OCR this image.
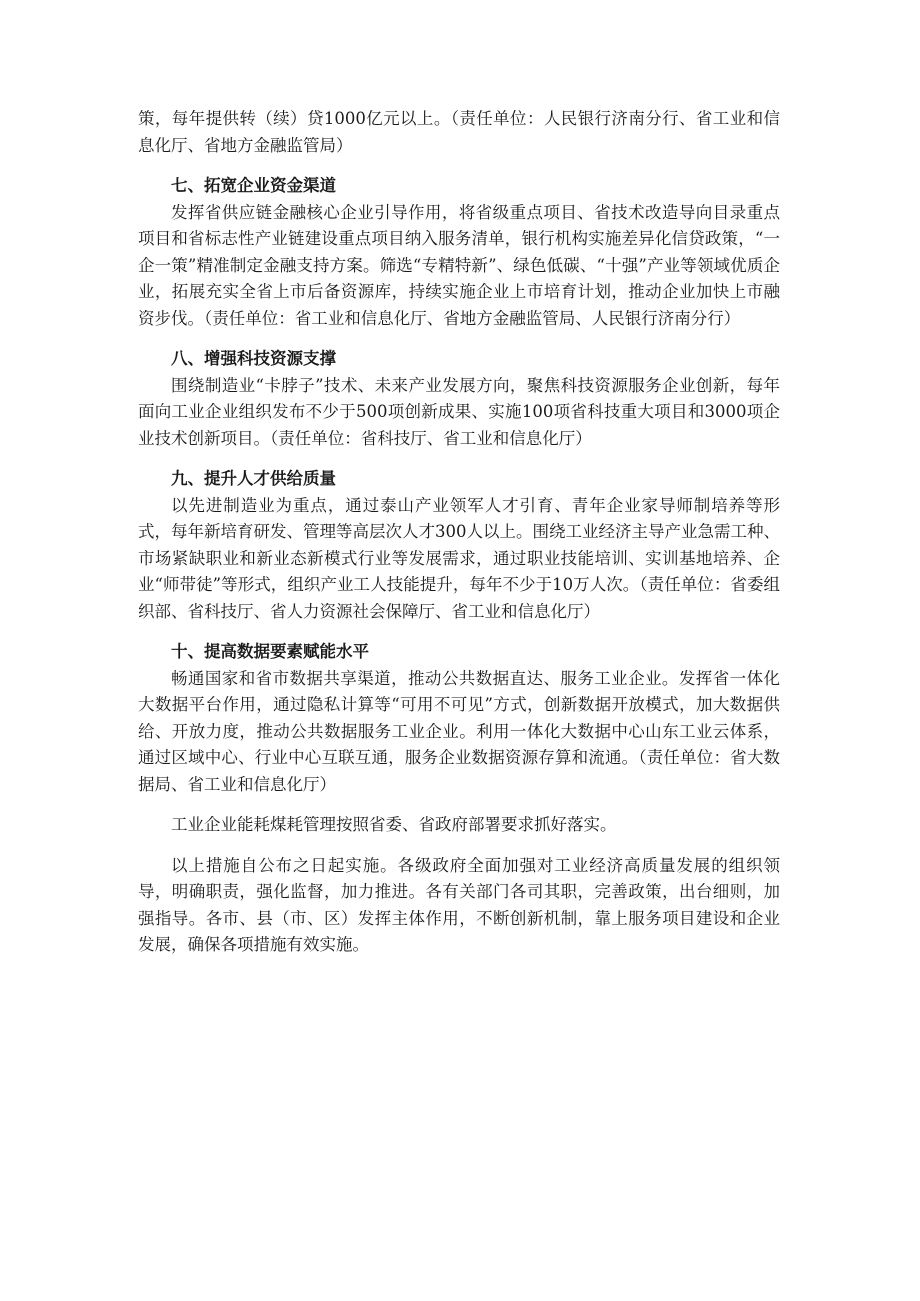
策，每年提供转（续）贷1000亿元以上。（责任单位：人民银行济南分行、省工业和信息化厅、省地方金融监管局）

七、拓宽企业资金渠道

发挥省供应链金融核心企业引导作用，将省级重点项目、省技术改造导向目录重点项目和省标志性产业链建设重点项目纳入服务清单，银行机构实施差异化信贷政策，“一企一策”精准制定金融支持方案。筛选“专精特新”、绿色低碳、“十强”产业等领域优质企业，拓展充实全省上市后备资源库，持续实施企业上市培育计划，推动企业加快上市融资步伐。（责任单位：省工业和信息化厅、省地方金融监管局、人民银行济南分行）

八、增强科技资源支撑

围绕制造业“卡脖子”技术、未来产业发展方向，聚焦科技资源服务企业创新，每年面向工业企业组织发布不少于500项创新成果、实施100项省科技重大项目和3000项企业技术创新项目。（责任单位：省科技厅、省工业和信息化厅）

九、提升人才供给质量

以先进制造业为重点，通过泰山产业领军人才引育、青年企业家导师制培养等形式，每年新培育研发、管理等高层次人才300人以上。围绕工业经济主导产业急需工种、市场紧缺职业和新业态新模式行业等发展需求，通过职业技能培训、实训基地培养、企业“师带徒”等形式，组织产业工人技能提升，每年不少于10万人次。（责任单位：省委组织部、省科技厅、省人力资源社会保障厅、省工业和信息化厅）

十、提高数据要素赋能水平

畅通国家和省市数据共享渠道，推动公共数据直达、服务工业企业。发挥省一体化大数据平台作用，通过隐私计算等“可用不可见”方式，创新数据开放模式，加大数据供给、开放力度，推动公共数据服务工业企业。利用一体化大数据中心山东工业云体系，通过区域中心、行业中心互联互通，服务企业数据资源存算和流通。（责任单位：省大数据局、省工业和信息化厅）

工业企业能耗煤耗管理按照省委、省政府部署要求抓好落实。

以上措施自公布之日起实施。各级政府全面加强对工业经济高质量发展的组织领导，明确职责，强化监督，加力推进。各有关部门各司其职，完善政策，出台细则，加强指导。各市、县（市、区）发挥主体作用，不断创新机制，靠上服务项目建设和企业发展，确保各项措施有效实施。
